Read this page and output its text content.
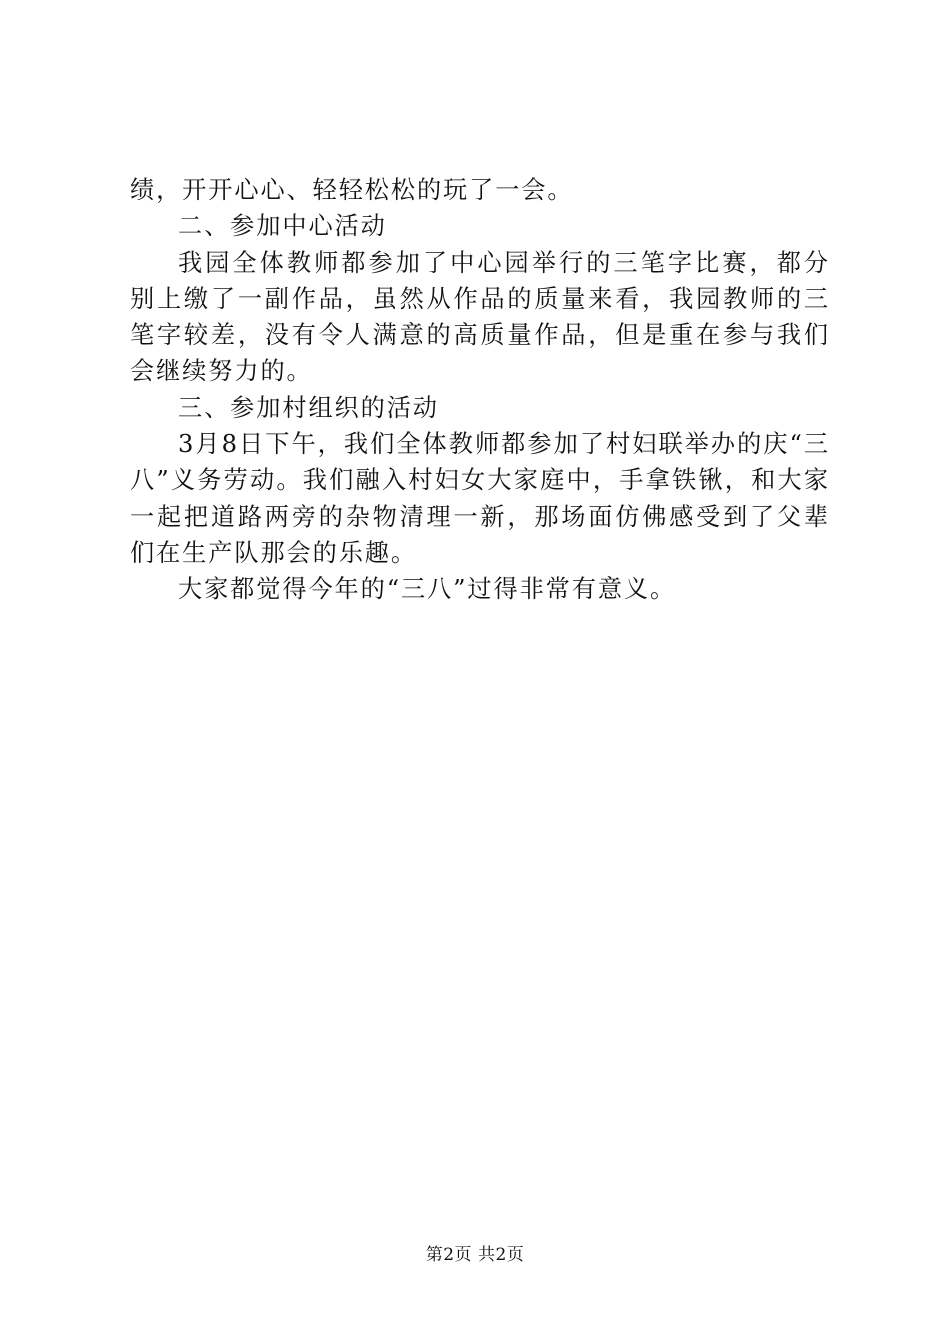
绩，开开心心、轻轻松松的玩了一会。

二、参加中心活动

我园全体教师都参加了中心园举行的三笔字比赛，都分别上缴了一副作品，虽然从作品的质量来看，我园教师的三笔字较差，没有令人满意的高质量作品，但是重在参与我们会继续努力的。

三、参加村组织的活动

3月8日下午，我们全体教师都参加了村妇联举办的庆“三八”义务劳动。我们融入村妇女大家庭中，手拿铁锹，和大家一起把道路两旁的杂物清理一新，那场面仿佛感受到了父辈们在生产队那会的乐趣。

大家都觉得今年的“三八”过得非常有意义。

第2页 共2页
